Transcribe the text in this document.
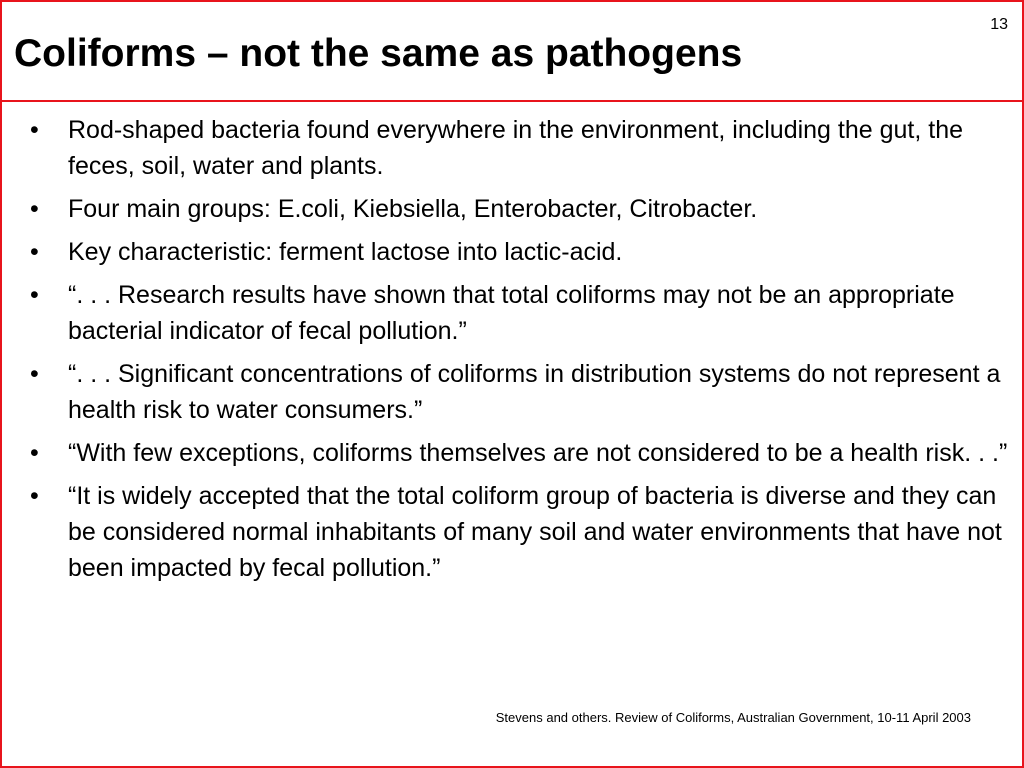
Coliforms – not the same as pathogens
13
• Rod-shaped bacteria found everywhere in the environment, including the gut, the feces, soil, water and plants.
• Four main groups: E.coli, Kiebsiella, Enterobacter, Citrobacter.
• Key characteristic: ferment lactose into lactic-acid.
• “. . . Research results have shown that total coliforms may not be an appropriate bacterial indicator of fecal pollution.”
• “. . . Significant concentrations of coliforms in distribution systems do not represent a health risk to water consumers.”
• “With few exceptions, coliforms themselves are not considered to be a health risk. . .”
• “It is widely accepted that the total coliform group of bacteria is diverse and they can be considered normal inhabitants of many soil and water environments that have not been impacted by fecal pollution.”
Stevens and others. Review of Coliforms, Australian Government, 10-11 April 2003
